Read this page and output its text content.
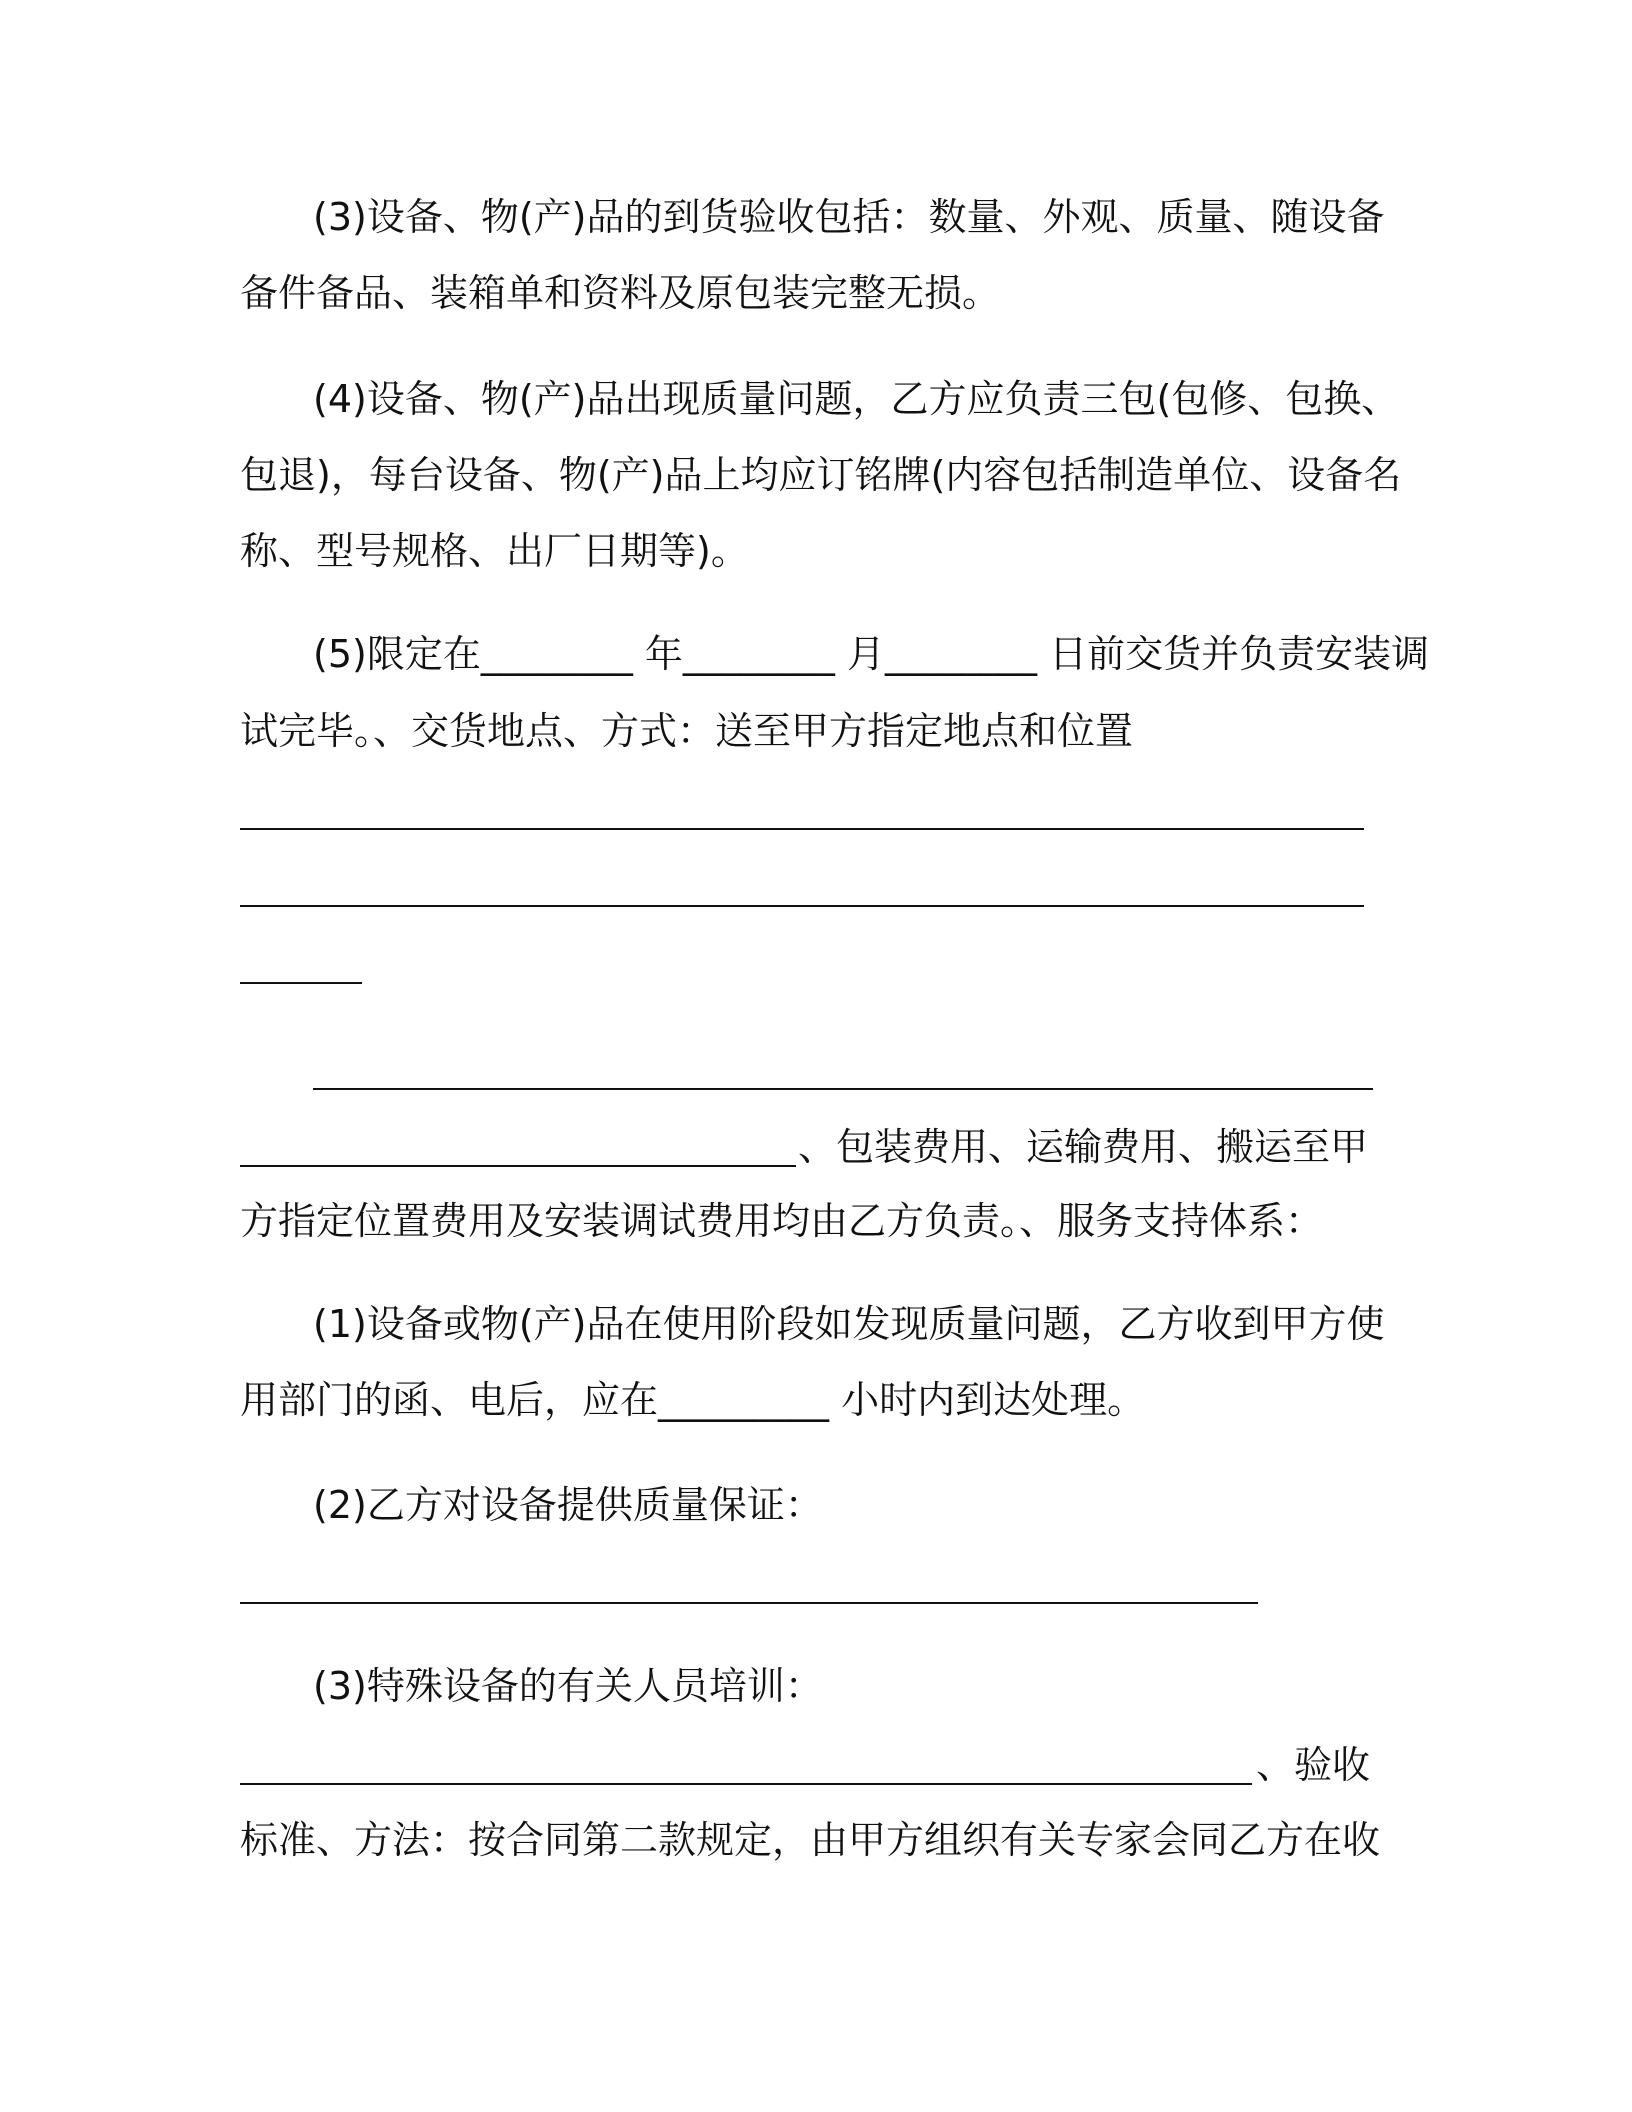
(3)设备、物(产)品的到货验收包括：数量、外观、质量、随设备

备件备品、装箱单和资料及原包装完整无损。

(4)设备、物(产)品出现质量问题，乙方应负责三包(包修、包换、

包退)，每台设备、物(产)品上均应订铭牌(内容包括制造单位、设备名

称、型号规格、出厂日期等)。

(5)限定在________ 年________ 月________ 日前交货并负责安装调

试完毕。、交货地点、方式：送至甲方指定地点和位置

、包装费用、运输费用、搬运至甲

方指定位置费用及安装调试费用均由乙方负责。、服务支持体系：

(1)设备或物(产)品在使用阶段如发现质量问题，乙方收到甲方使

用部门的函、电后，应在_________ 小时内到达处理。

(2)乙方对设备提供质量保证：

(3)特殊设备的有关人员培训：

、验收

标准、方法：按合同第二款规定，由甲方组织有关专家会同乙方在收
